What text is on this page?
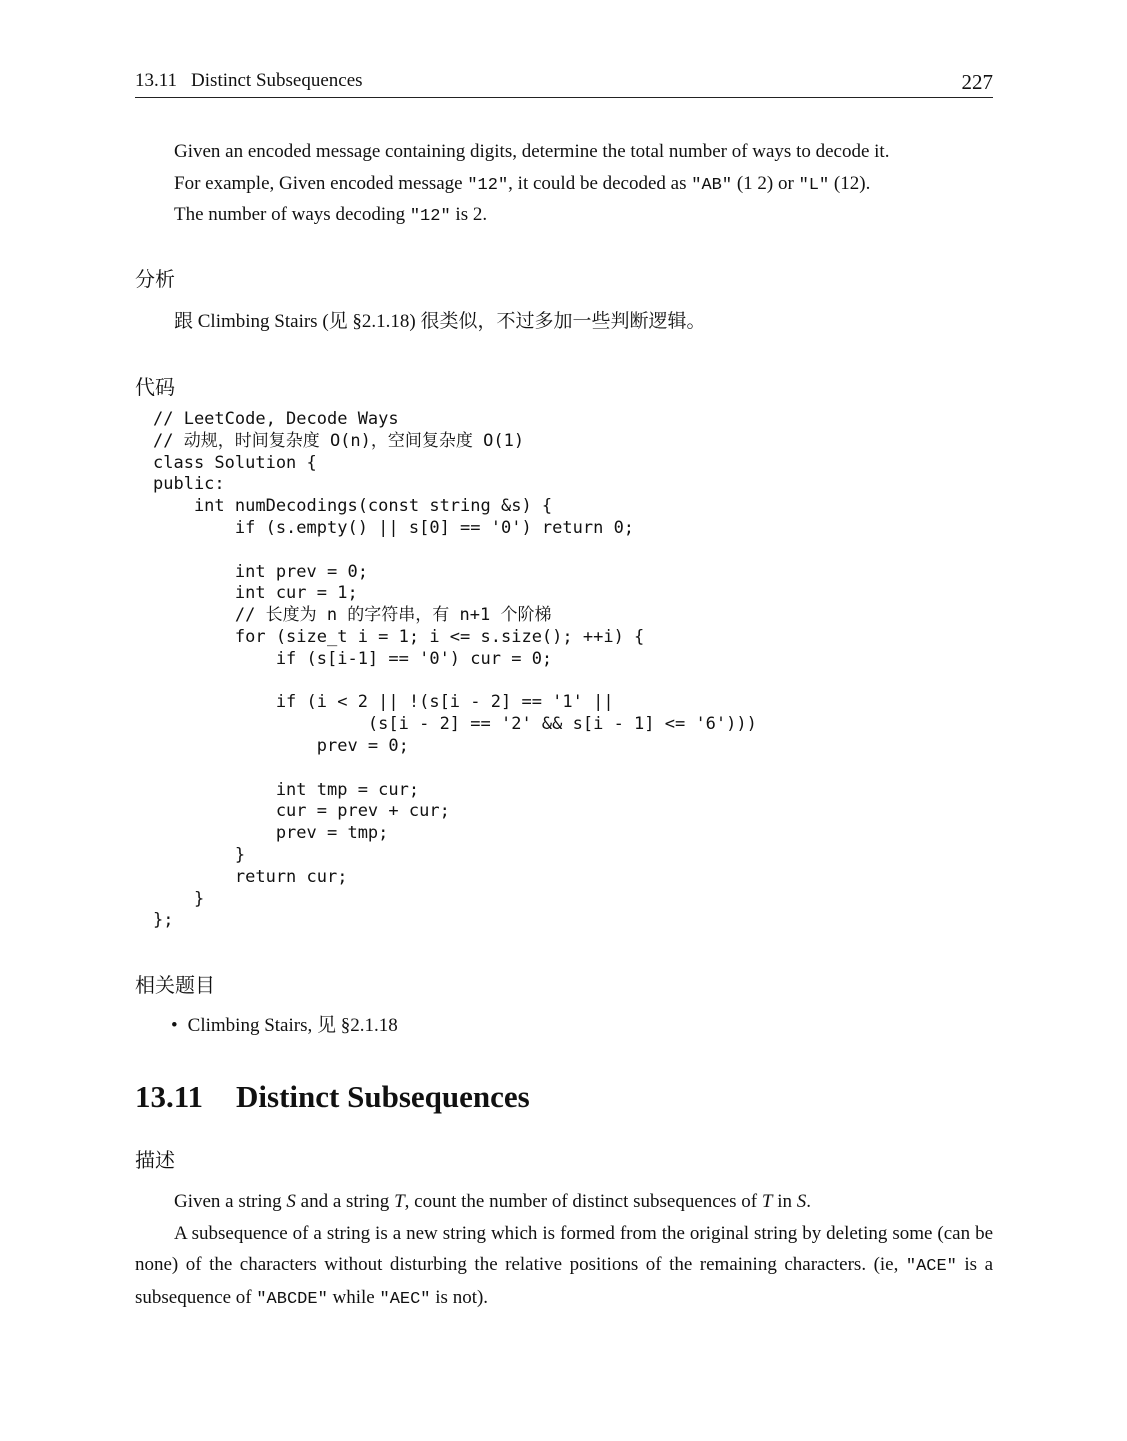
13.11 Distinct Subsequences	227
Given an encoded message containing digits, determine the total number of ways to decode it.
For example, Given encoded message "12", it could be decoded as "AB" (1 2) or "L" (12).
The number of ways decoding "12" is 2.
分析
跟 Climbing Stairs (见 §2.1.18) 很类似，不过多加一些判断逻辑。
代码
// LeetCode, Decode Ways
// 动规，时间复杂度 O(n)，空间复杂度 O(1)
class Solution {
public:
int numDecodings(const string &s) {
if (s.empty() || s[0] == '0') return 0;
int prev = 0;
int cur = 1;
// 长度为 n 的字符串，有 n+1 个阶梯
for (size_t i = 1; i <= s.size(); ++i) {
if (s[i-1] == '0') cur = 0;
if (i < 2 || !(s[i - 2] == '1' ||
(s[i - 2] == '2' && s[i - 1] <= '6')))
prev = 0;
int tmp = cur;
cur = prev + cur;
prev = tmp;
}
return cur;
}
};
相关题目
• Climbing Stairs, 见 §2.1.18
13.11 Distinct Subsequences
描述
Given a string S and a string T, count the number of distinct subsequences of T in S.
A subsequence of a string is a new string which is formed from the original string by deleting some (can be none) of the characters without disturbing the relative positions of the remaining characters. (ie, "ACE" is a subsequence of "ABCDE" while "AEC" is not).
